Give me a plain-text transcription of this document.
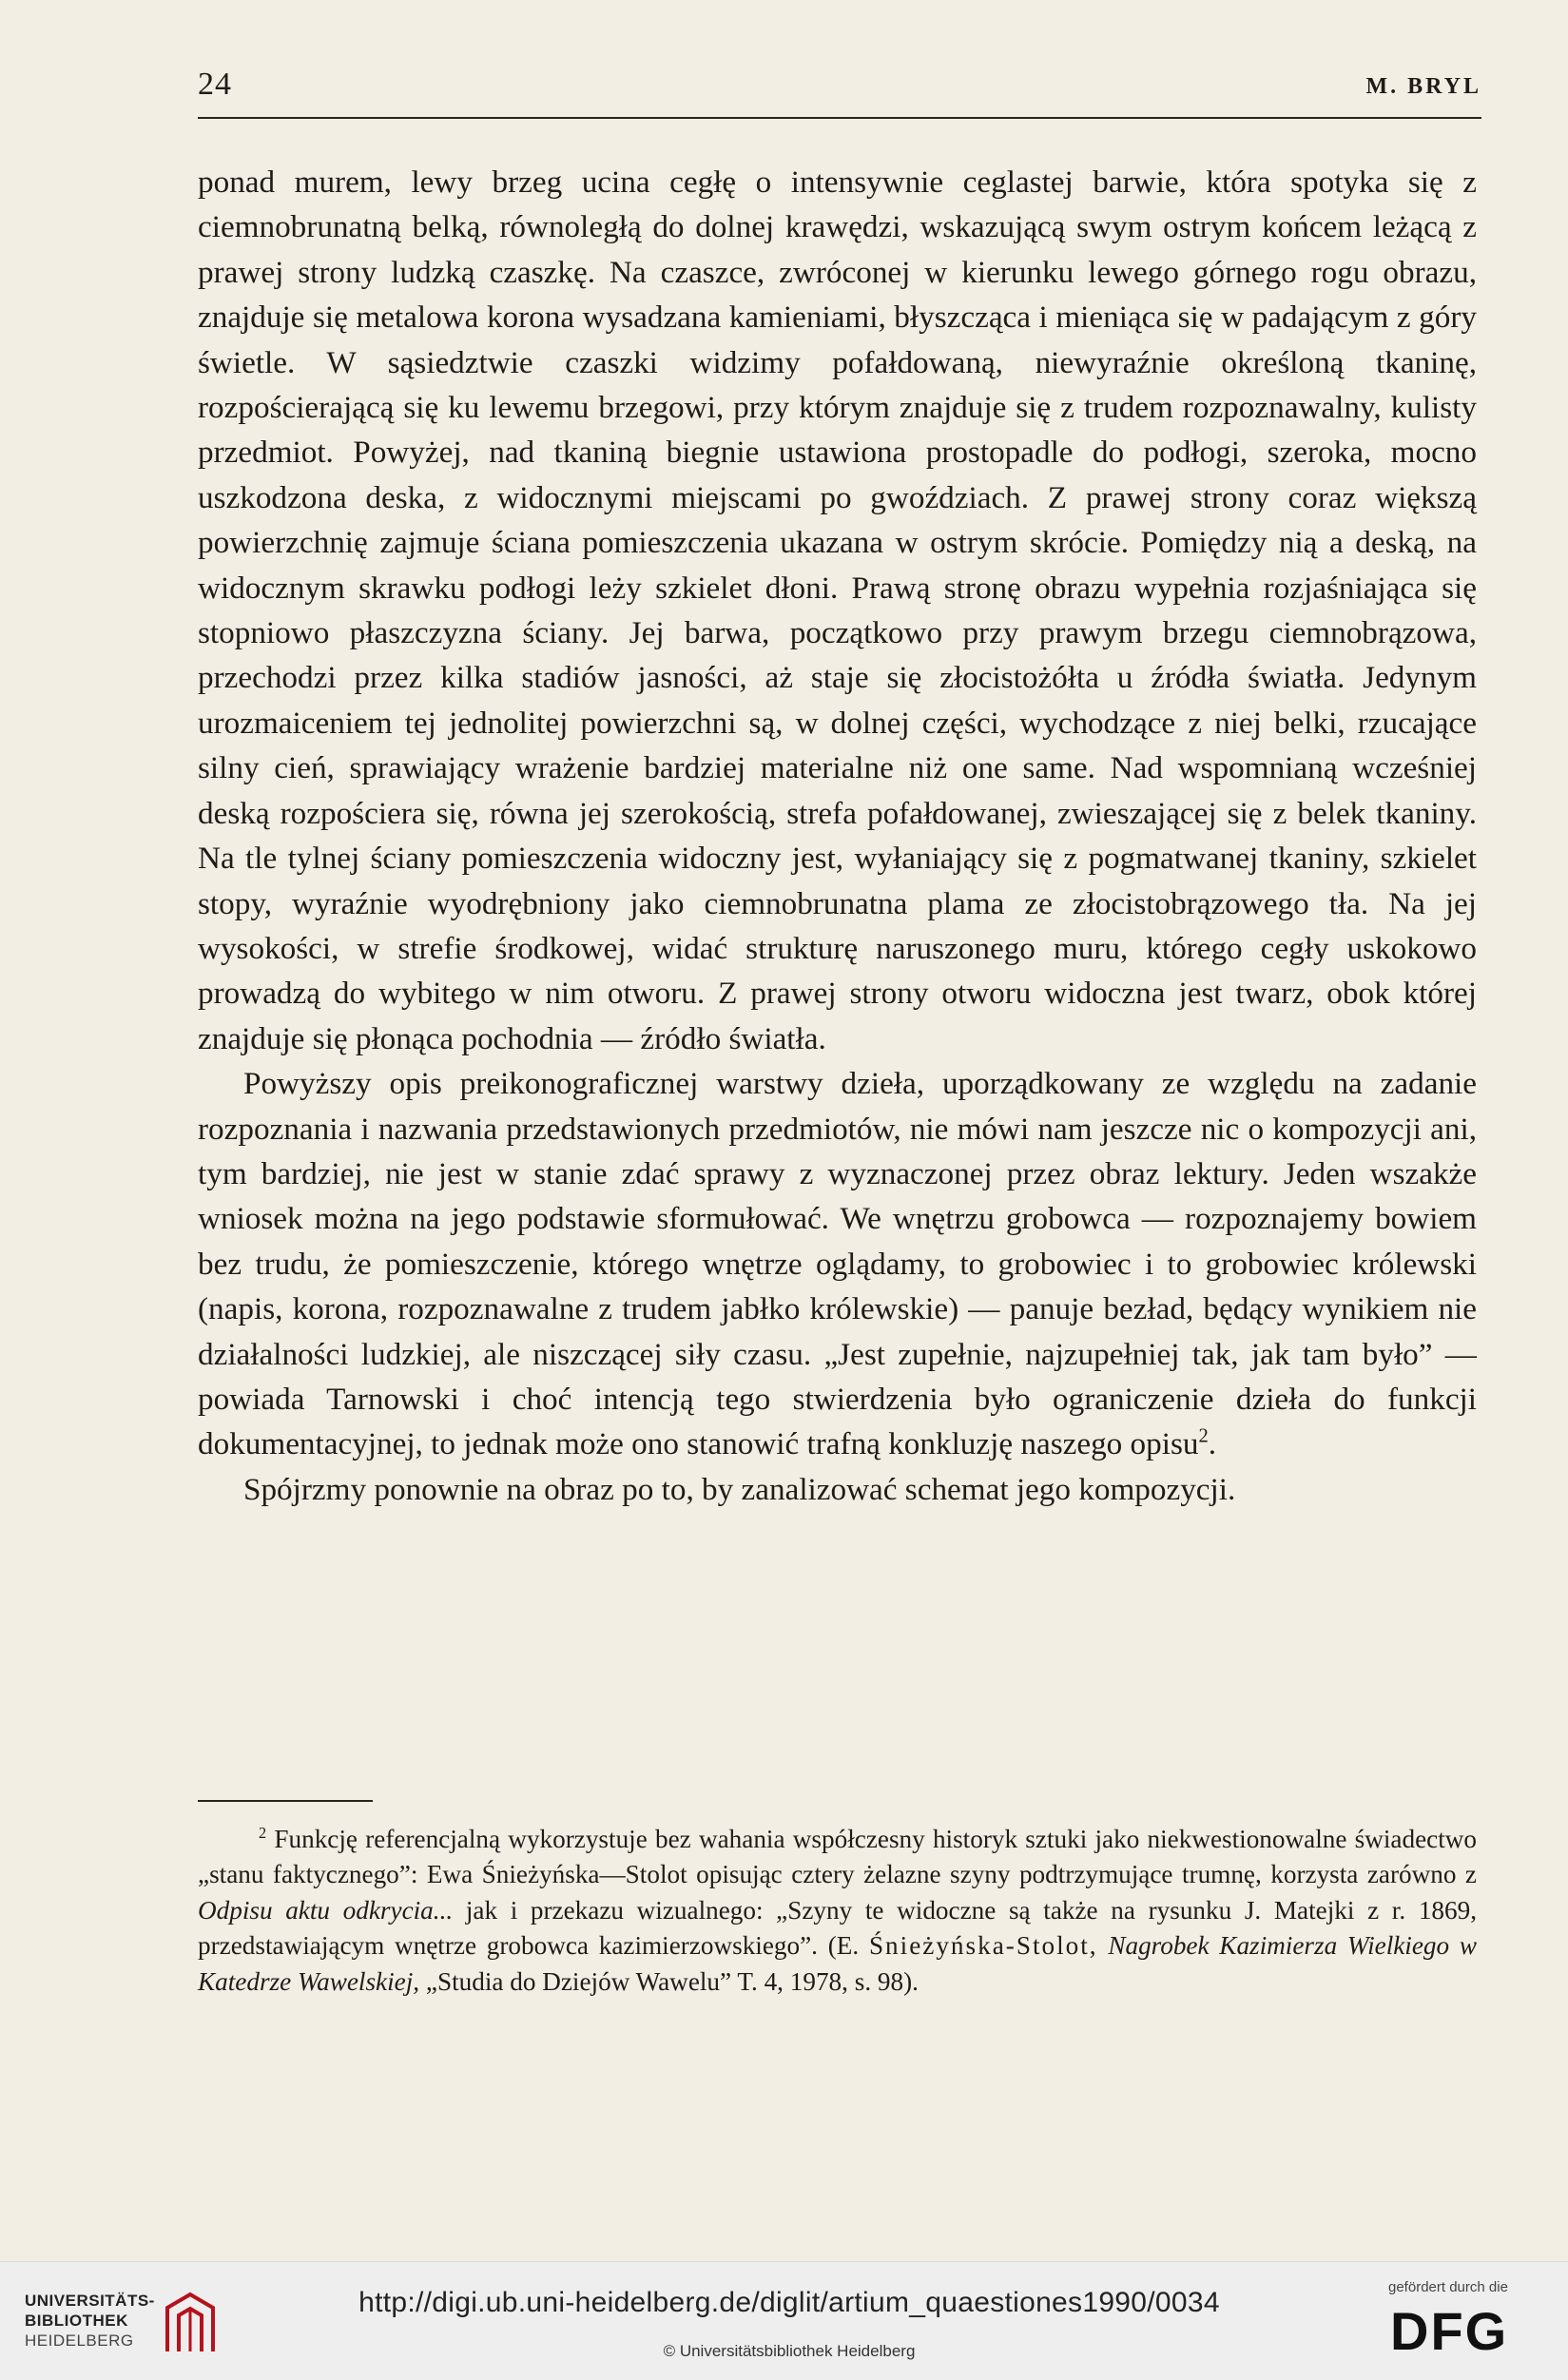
24	M. BRYL

ponad murem, lewy brzeg ucina cegłę o intensywnie ceglastej barwie, która spotyka się z ciemnobrunatną belką, równoległą do dolnej krawędzi, wskazującą swym ostrym końcem leżącą z prawej strony ludzką czaszkę. Na czaszce, zwróconej w kierunku lewego górnego rogu obrazu, znajduje się metalowa korona wysadzana kamieniami, błyszcząca i mieniąca się w padającym z góry świetle. W sąsiedztwie czaszki widzimy pofałdowaną, niewyraźnie określoną tkaninę, rozpościerającą się ku lewemu brzegowi, przy którym znajduje się z trudem rozpoznawalny, kulisty przedmiot. Powyżej, nad tkaniną biegnie ustawiona prostopadle do podłogi, szeroka, mocno uszkodzona deska, z widocznymi miejscami po gwoździach. Z prawej strony coraz większą powierzchnię zajmuje ściana pomieszczenia ukazana w ostrym skrócie. Pomiędzy nią a deską, na widocznym skrawku podłogi leży szkielet dłoni. Prawą stronę obrazu wypełnia rozjaśniająca się stopniowo płaszczyzna ściany. Jej barwa, początkowo przy prawym brzegu ciemnobrązowa, przechodzi przez kilka stadiów jasności, aż staje się złocistożółta u źródła światła. Jedynym urozmaiceniem tej jednolitej powierzchni są, w dolnej części, wychodzące z niej belki, rzucające silny cień, sprawiający wrażenie bardziej materialne niż one same. Nad wspomnianą wcześniej deską rozpościera się, równa jej szerokością, strefa pofałdowanej, zwieszającej się z belek tkaniny. Na tle tylnej ściany pomieszczenia widoczny jest, wyłaniający się z pogmatwanej tkaniny, szkielet stopy, wyraźnie wyodrębniony jako ciemnobrunatna plama ze złocistobrązowego tła. Na jej wysokości, w strefie środkowej, widać strukturę naruszonego muru, którego cegły uskokowo prowadzą do wybitego w nim otworu. Z prawej strony otworu widoczna jest twarz, obok której znajduje się płonąca pochodnia — źródło światła.

Powyższy opis preikonograficznej warstwy dzieła, uporządkowany ze względu na zadanie rozpoznania i nazwania przedstawionych przedmiotów, nie mówi nam jeszcze nic o kompozycji ani, tym bardziej, nie jest w stanie zdać sprawy z wyznaczonej przez obraz lektury. Jeden wszakże wniosek można na jego podstawie sformułować. We wnętrzu grobowca — rozpoznajemy bowiem bez trudu, że pomieszczenie, którego wnętrze oglądamy, to grobowiec i to grobowiec królewski (napis, korona, rozpoznawalne z trudem jabłko królewskie) — panuje bezład, będący wynikiem nie działalności ludzkiej, ale niszczącej siły czasu. „Jest zupełnie, najzupełniej tak, jak tam było” — powiada Tarnowski i choć intencją tego stwierdzenia było ograniczenie dzieła do funkcji dokumentacyjnej, to jednak może ono stanowić trafną konkluzję naszego opisu$^2$.

Spójrzmy ponownie na obraz po to, by zanalizować schemat jego kompozycji.

$^2$ Funkcję referencjalną wykorzystuje bez wahania współczesny historyk sztuki jako niekwestionowalne świadectwo „stanu faktycznego”: Ewa Śnieżyńska—Stolot opisując cztery żelazne szyny podtrzymujące trumnę, korzysta zarówno z Odpisu aktu odkrycia... jak i przekazu wizualnego: „Szyny te widoczne są także na rysunku J. Matejki z r. 1869, przedstawiającym wnętrze grobowca kazimierzowskiego”. (E. Śnieżyńska-Stolot, Nagrobek Kazimierza Wielkiego w Katedrze Wawelskiej, „Studia do Dziejów Wawelu” T. 4, 1978, s. 98).

UNIVERSITÄTS-
BIBLIOTHEK
HEIDELBERG
http://digi.ub.uni-heidelberg.de/diglit/artium_quaestiones1990/0034
© Universitätsbibliothek Heidelberg
gefördert durch die
DFG
